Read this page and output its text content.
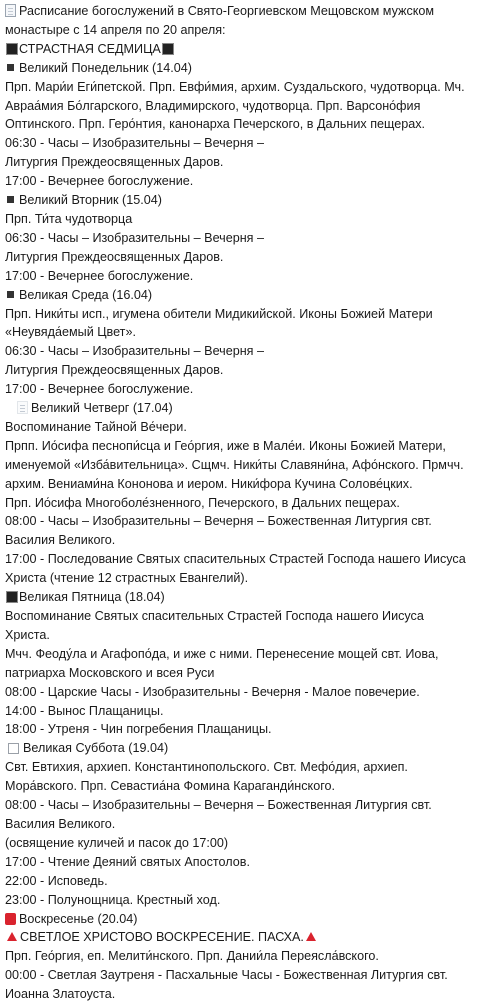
Расписание богослужений в Свято-Георгиевском Мещовском мужском
монастыре с 14 апреля по 20 апреля:
СТРАСТНАЯ СЕДМИЦА
Великий Понедельник (14.04)
Прп. Мари́и Еги́петской. Прп. Евфи́мия, архим. Суздальского, чудотворца. Мч.
Авраа́мия Бо́лгарского, Владимирского, чудотворца. Прп. Варсоно́фия
Оптинского. Прп. Геро́нтия, канонарха Печерского, в Дальних пещерах.
06:30 - Часы – Изобразительны – Вечерня –
Литургия Преждеосвященных Даров.
17:00 - Вечернее богослужение.
Великий Вторник (15.04)
Прп. Ти́та чудотворца
06:30 - Часы – Изобразительны – Вечерня –
Литургия Преждеосвященных Даров.
17:00 - Вечернее богослужение.
Великая Среда (16.04)
Прп. Ники́ты исп., игумена обители Мидикийской. Иконы Божией Матери
«Неувяда́емый Цвет».
06:30 - Часы – Изобразительны – Вечерня –
Литургия Преждеосвященных Даров.
17:00 - Вечернее богослужение.
Великий Четверг (17.04)
Воспоминание Тайной Ве́чери.
Прпп. Ио́сифа песнопи́сца и Гео́ргия, иже в Мале́и. Иконы Божией Матери,
именуемой «Изба́вительница». Сщмч. Ники́ты Славяни́на, Афо́нского. Прмчч.
архим. Вениами́на Кононова и иером. Ники́фора Кучина Солове́цких.
Прп. Ио́сифа Многоболе́зненного, Печерского, в Дальних пещерах.
08:00 - Часы – Изобразительны – Вечерня – Божественная Литургия свт.
Василия Великого.
17:00 - Последование Святых спасительных Страстей Господа нашего Иисуса
Христа (чтение 12 страстных Евангелий).
Великая Пятница (18.04)
Воспоминание Святых спасительных Страстей Господа нашего Иисуса
Христа.
Мчч. Феоду́ла и Агафопо́да, и иже с ними. Перенесение мощей свт. Иова,
патриарха Московского и всея Руси
08:00 - Царские Часы - Изобразительны - Вечерня - Малое повечерие.
14:00 - Вынос Плащаницы.
18:00 - Утреня - Чин погребения Плащаницы.
Великая Суббота (19.04)
Свт. Евтихия, архиеп. Константинопольского. Свт. Мефо́дия, архиеп.
Мора́вского. Прп. Севастиа́на Фомина Караганди́нского.
08:00 - Часы – Изобразительны – Вечерня – Божественная Литургия свт.
Василия Великого.
(освящение куличей и пасок до 17:00)
17:00 - Чтение Деяний святых Апостолов.
22:00 - Исповедь.
23:00 - Полунощница. Крестный ход.
Воскресенье (20.04)
СВЕТЛОЕ ХРИСТОВО ВОСКРЕСЕНИЕ. ПАСХА.
Прп. Гео́ргия, еп. Мелити́нского. Прп. Дании́ла Переясла́вского.
00:00 - Светлая Заутреня - Пасхальные Часы - Божественная Литургия свт.
Иоанна Златоуста.
